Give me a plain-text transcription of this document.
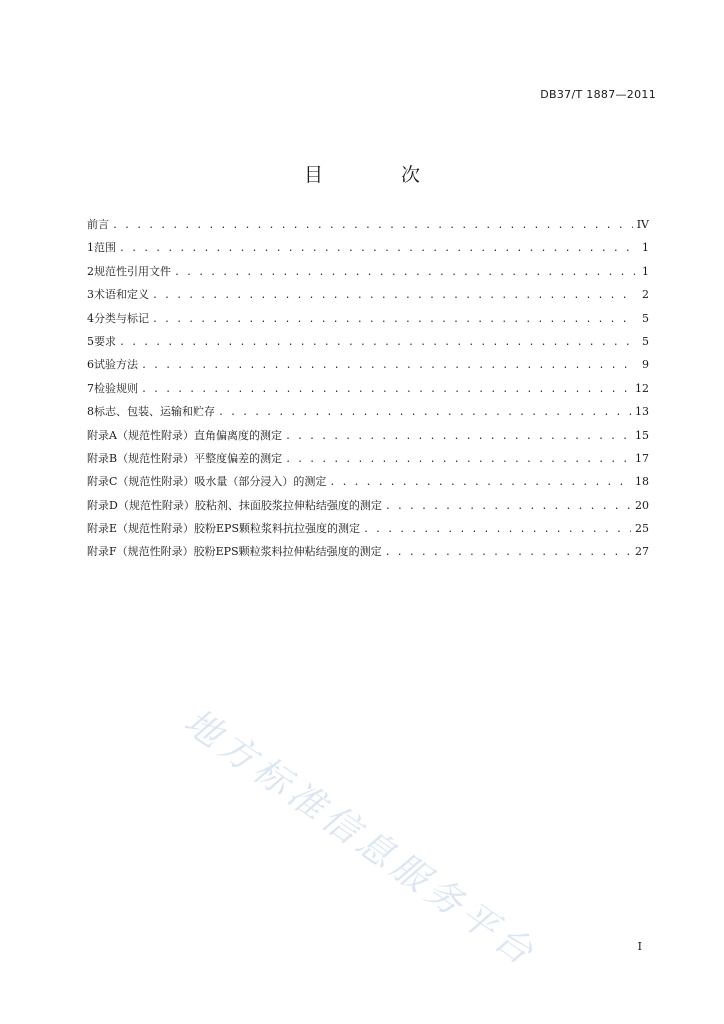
DB37/T 1887—2011
目 次
前言 . . .	IV
1 范围 . . .	1
2 规范性引用文件 . . .	1
3 术语和定义 . . .	2
4 分类与标记 . . .	5
5 要求 . . .	5
6 试验方法 . . .	9
7 检验规则 . . .	12
8 标志、包装、运输和贮存 . . .	13
附录A（规范性附录） 直角偏离度的测定 . . .	15
附录B（规范性附录） 平整度偏差的测定 . . .	17
附录C（规范性附录） 吸水量（部分浸入）的测定 . . .	18
附录D（规范性附录） 胶粘剂、抹面胶浆拉伸粘结强度的测定 . . .	20
附录E（规范性附录） 胶粉EPS颗粒浆料抗拉强度的测定 . . .	25
附录F（规范性附录） 胶粉EPS颗粒浆料拉伸粘结强度的测定 . . .	27
地方标准信息服务平台	I
